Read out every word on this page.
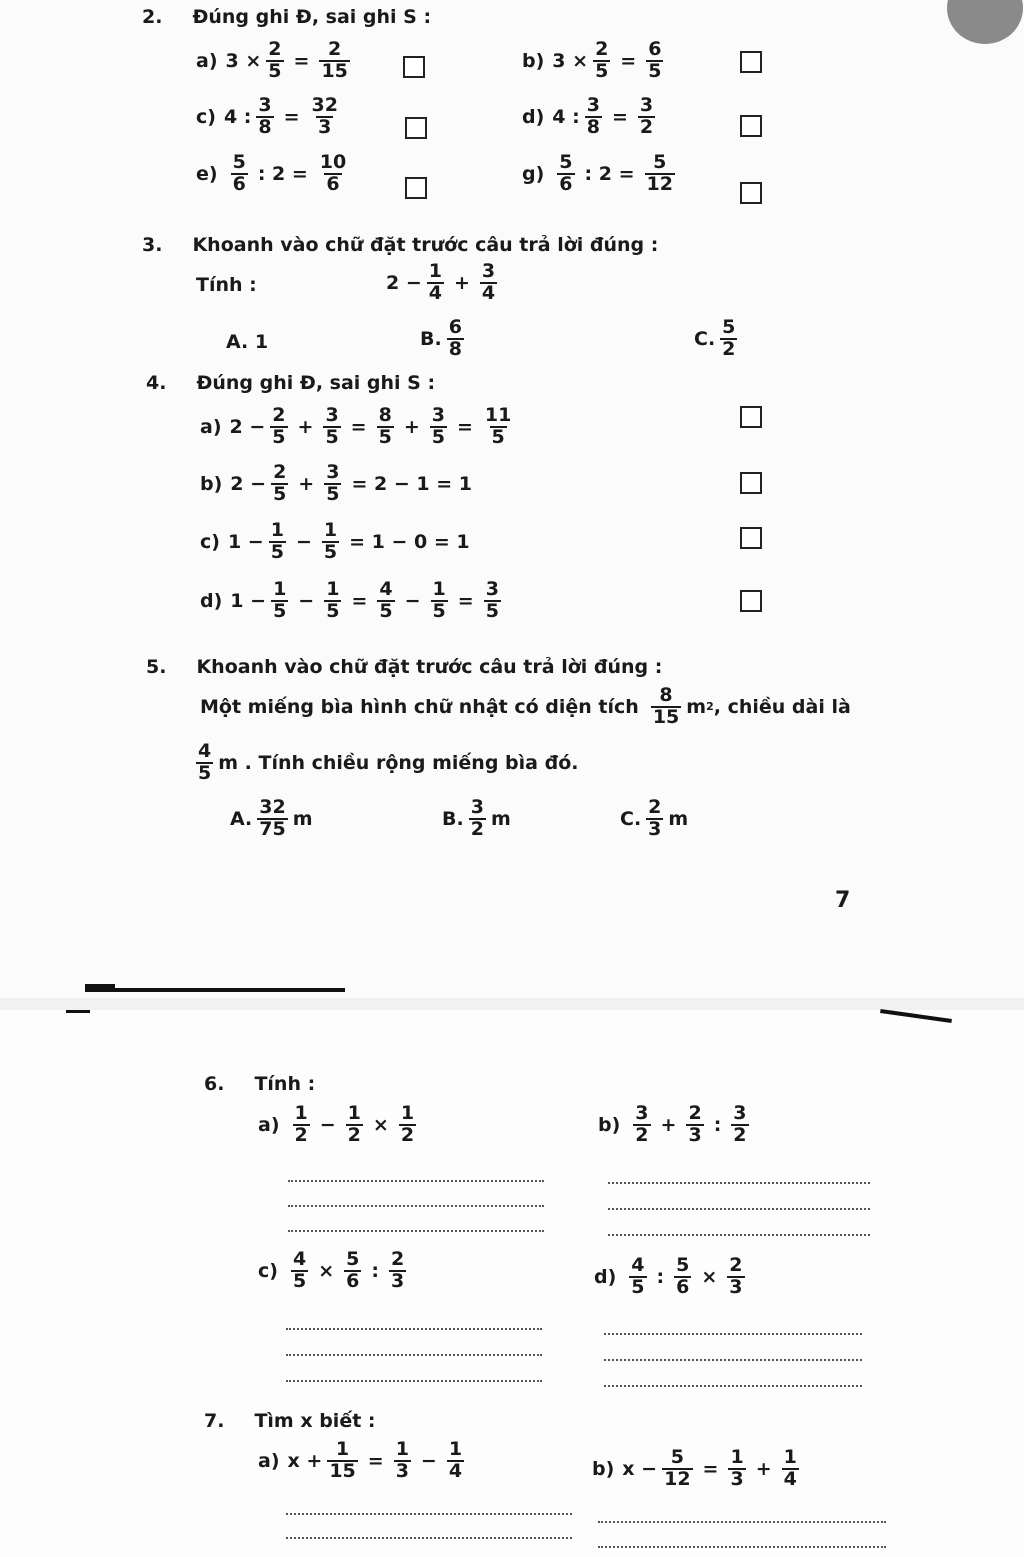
2. Đúng ghi Đ, sai ghi S :
a) $3 \times \frac{2}{5} = \frac{2}{15}$	b) $3 \times \frac{2}{5} = \frac{6}{5}$
c) 4 : $\frac{3}{8} = \frac{32}{3}$	d) 4 : $\frac{3}{8} = \frac{3}{2}$
$e) \frac{5}{6}$ : $2 = \frac{10}{6}$	$g) \frac{5}{6}$ : $2 = \frac{5}{12}$
3. Khoanh vào chữ đặt trước câu trả lời đúng :
Tính :	$2 - \frac{1}{4} + \frac{3}{4}$
A. 1	B. $\frac{6}{8}$	C. $\frac{5}{2}$
4. Đúng ghi Đ, sai ghi S :
a) $2 - \frac{2}{5} + \frac{3}{5} = \frac{8}{5} + \frac{3}{5} = \frac{11}{5}$
b) $2 - \frac{2}{5} + \frac{3}{5} = 2 - 1 = 1$
c) $1 - \frac{1}{5} - \frac{1}{5} = 1 - 0 = 1$
d) $1 - \frac{1}{5} - \frac{1}{5} = \frac{4}{5} - \frac{1}{5} = \frac{3}{5}$
5. Khoanh vào chữ đặt trước câu trả lời đúng :
Một miếng bìa hình chữ nhật có diện tích $\frac{8}{15}$ m 2 , chiều dài là
$\frac{4}{5}$ m . Tính chiều rộng miếng bìa đó.
A. $\frac{32}{75}$ m	B. $\frac{3}{2}$ m	C. $\frac{2}{3}$ m
7
6. Tính :
$a) \frac{1}{2} - \frac{1}{2} \times \frac{1}{2}$	$b) \frac{3}{2} + \frac{2}{3}$ : $\frac{3}{2}$
$c) \frac{4}{5} \times \frac{5}{6}$ : $\frac{2}{3}$	$d) \frac{4}{5}$ : $\frac{5}{6} \times \frac{2}{3}$
7. Tìm x biết :
a) $x + \frac{1}{15} = \frac{1}{3} - \frac{1}{4}$	b) $x - \frac{5}{12} = \frac{1}{3} + \frac{1}{4}$
